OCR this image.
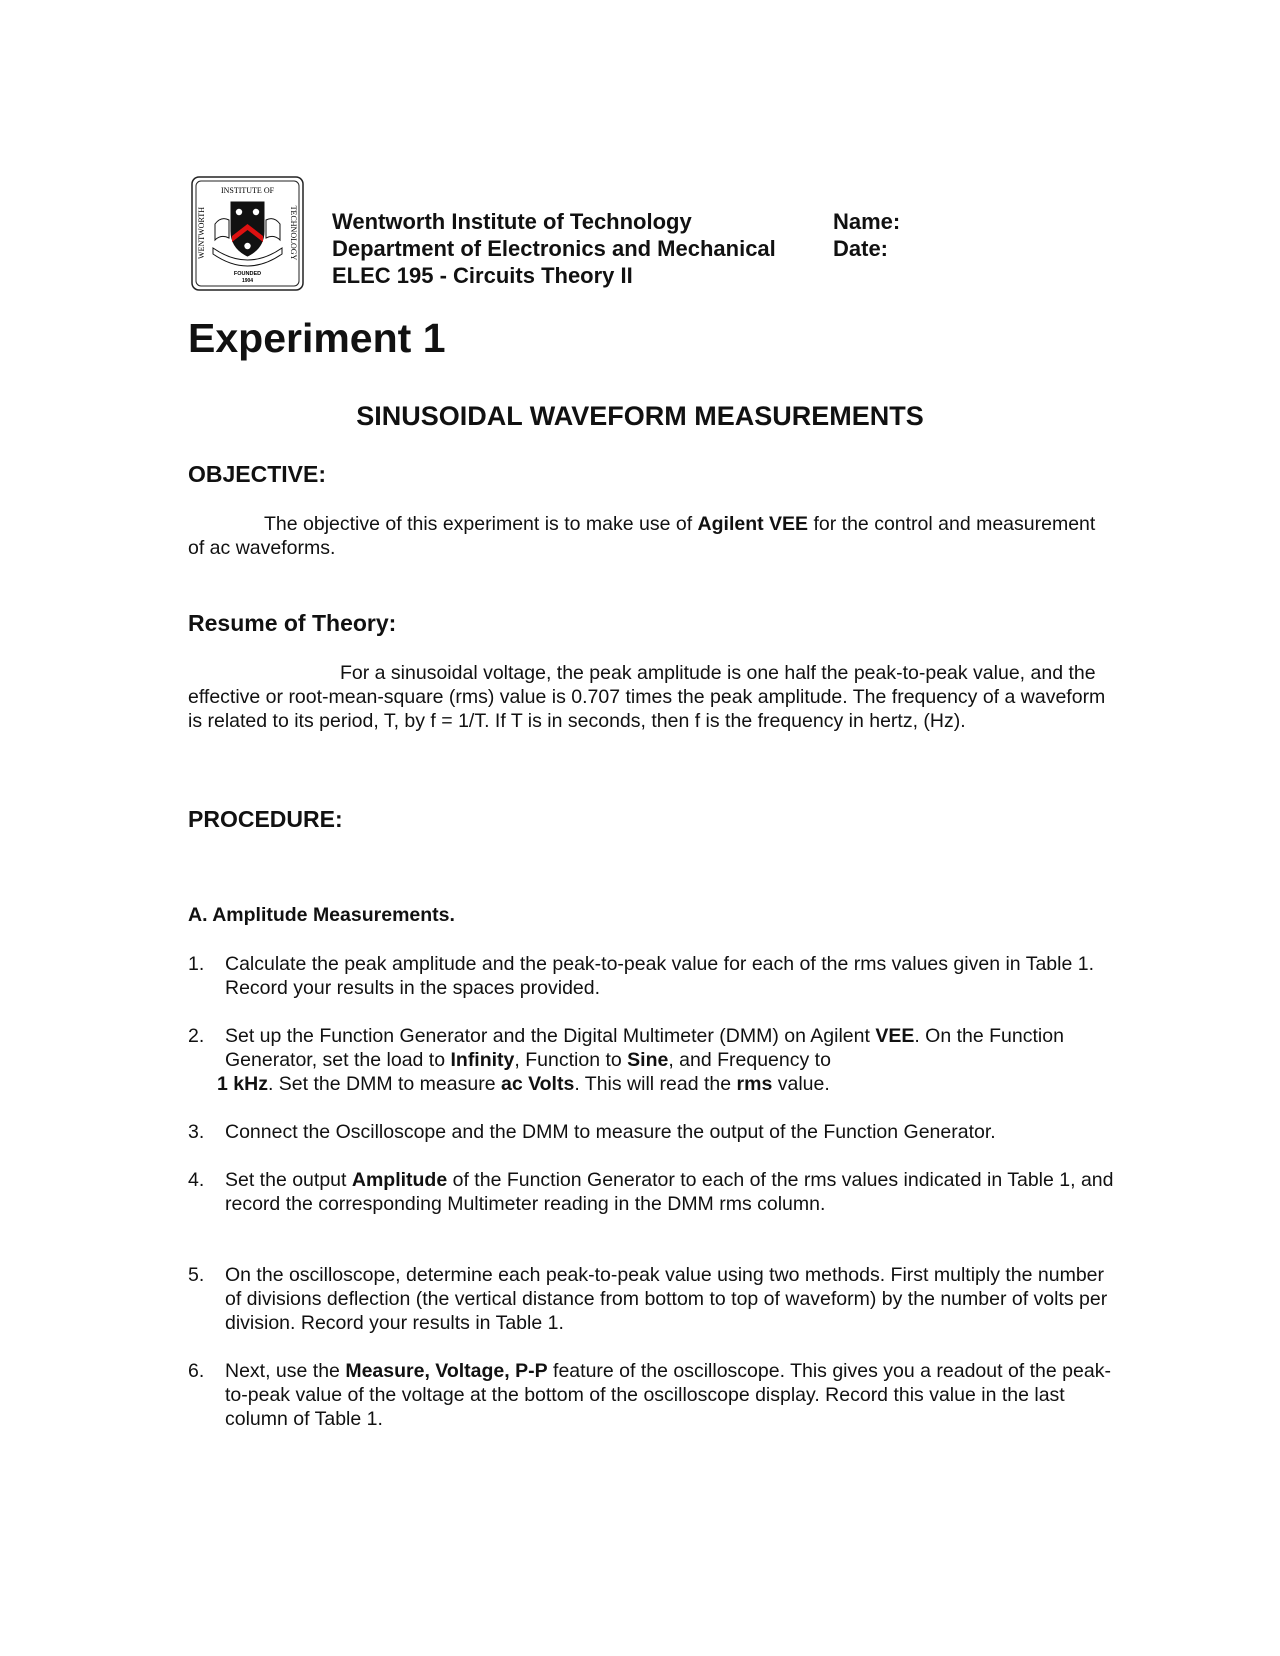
INSTITUTE OF
WENTWORTH	TECHNOLOGY
FOUNDED
1904
Wentworth Institute of Technology
Department of Electronics and Mechanical
ELEC 195 - Circuits Theory II
Name:
Date:
Experiment 1
SINUSOIDAL WAVEFORM MEASUREMENTS
OBJECTIVE:
The objective of this experiment is to make use of Agilent VEE for the control and measurement of ac waveforms.
Resume of Theory:
For a sinusoidal voltage, the peak amplitude is one half the peak-to-peak value, and the effective or root-mean-square (rms) value is 0.707 times the peak amplitude. The frequency of a waveform is related to its period, T, by f = 1/T. If T is in seconds, then f is the frequency in hertz, (Hz).
PROCEDURE:
A. Amplitude Measurements.
1. Calculate the peak amplitude and the peak-to-peak value for each of the rms values given in Table 1. Record your results in the spaces provided.
2. Set up the Function Generator and the Digital Multimeter (DMM) on Agilent VEE. On the Function Generator, set the load to Infinity, Function to Sine, and Frequency to
1 kHz. Set the DMM to measure ac Volts. This will read the rms value.
3. Connect the Oscilloscope and the DMM to measure the output of the Function Generator.
4. Set the output Amplitude of the Function Generator to each of the rms values indicated in Table 1, and record the corresponding Multimeter reading in the DMM rms column.
5. On the oscilloscope, determine each peak-to-peak value using two methods. First multiply the number of divisions deflection (the vertical distance from bottom to top of waveform) by the number of volts per division. Record your results in Table 1.
6. Next, use the Measure, Voltage, P-P feature of the oscilloscope. This gives you a readout of the peak-to-peak value of the voltage at the bottom of the oscilloscope display. Record this value in the last column of Table 1.
